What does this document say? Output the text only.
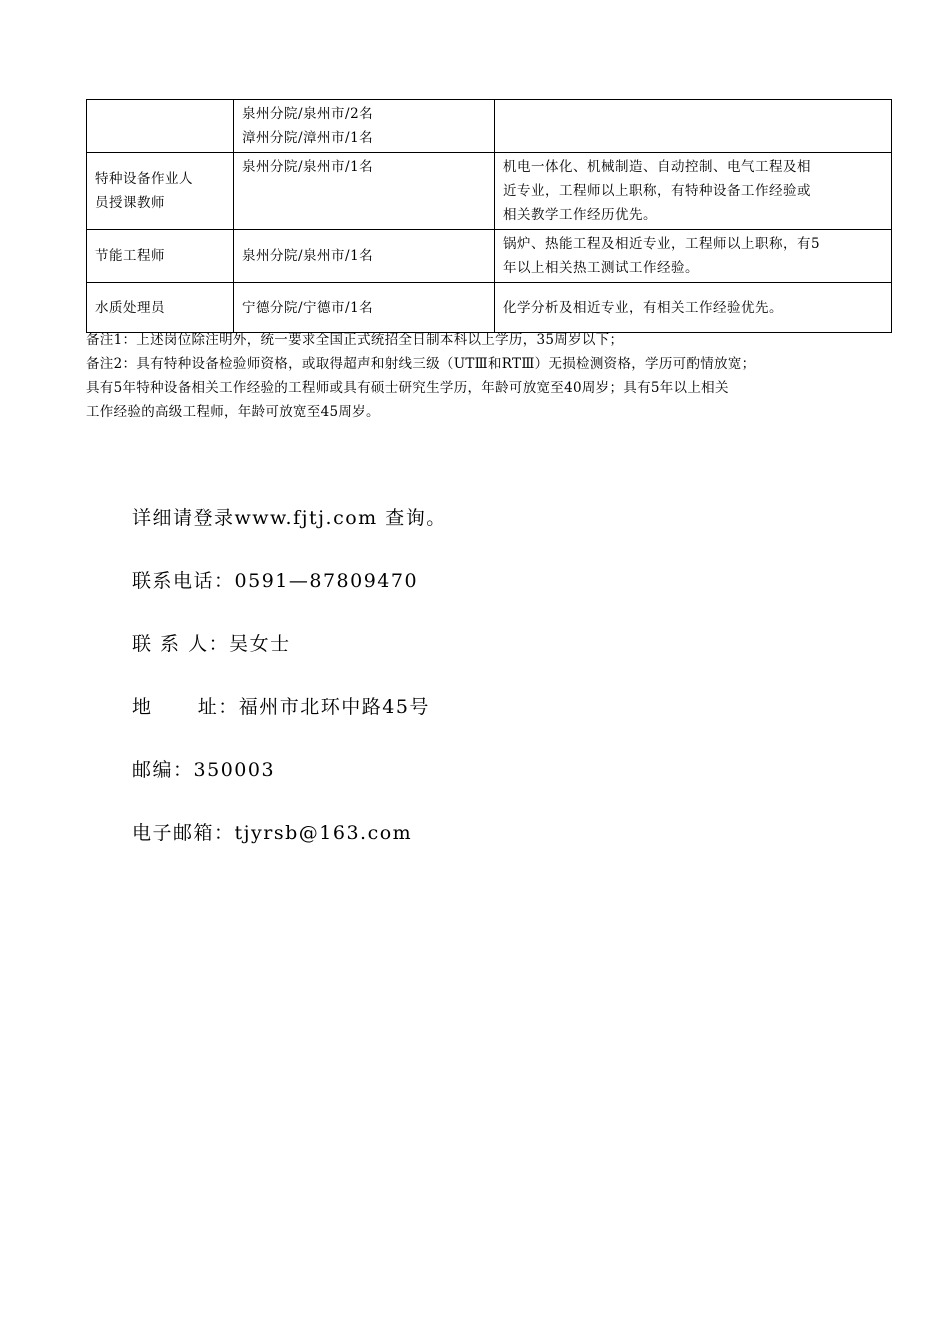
	泉州分院/泉州市/2名
漳州分院/漳州市/1名	

特种设备作业人
员授课教师	泉州分院/泉州市/1名	机电一体化、机械制造、自动控制、电气工程及相
近专业，工程师以上职称，有特种设备工作经验或
相关教学工作经历优先。

节能工程师	泉州分院/泉州市/1名	锅炉、热能工程及相近专业，工程师以上职称，有5
年以上相关热工测试工作经验。

水质处理员	宁德分院/宁德市/1名	化学分析及相近专业，有相关工作经验优先。
备注1：上述岗位除注明外，统一要求全国正式统招全日制本科以上学历，35周岁以下；
备注2：具有特种设备检验师资格，或取得超声和射线三级（UTⅢ和RTⅢ）无损检测资格，学历可酌情放宽；
具有5年特种设备相关工作经验的工程师或具有硕士研究生学历，年龄可放宽至40周岁；具有5年以上相关
工作经验的高级工程师，年龄可放宽至45周岁。
详细请登录www.fjtj.com 查询。
联系电话：0591—87809470
联 系 人：吴女士
地      址：福州市北环中路45号
邮编：350003
电子邮箱：tjyrsb@163.com
